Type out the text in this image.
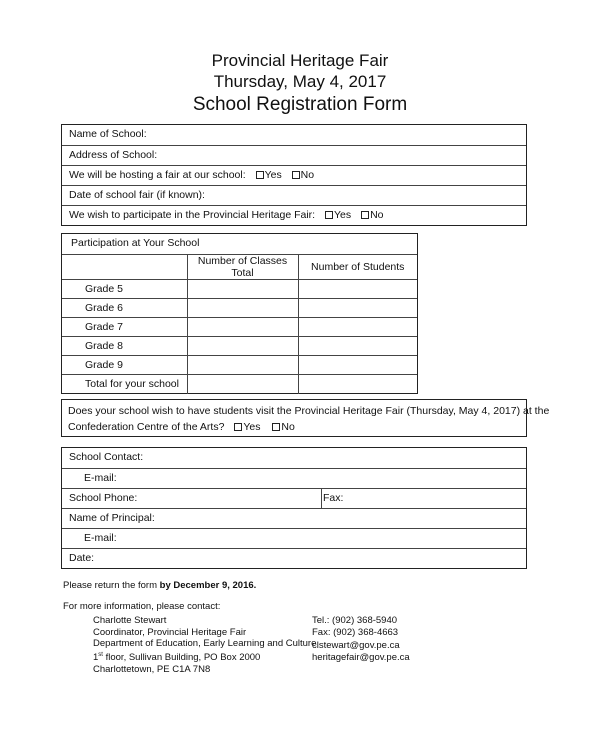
Provincial Heritage Fair
Thursday, May 4, 2017
School Registration Form
Name of School:
Address of School:
We will be hosting a fair at our school: Yes No
Date of school fair (if known):
We wish to participate in the Provincial Heritage Fair: Yes No
Participation at Your School
	Number of Classes Total	Number of Students
Grade 5		
Grade 6		
Grade 7		
Grade 8		
Grade 9		
Total for your school		
Does your school wish to have students visit the Provincial Heritage Fair (Thursday, May 4, 2017) at the
Confederation Centre of the Arts? Yes No
School Contact:
E-mail:
School Phone:	Fax:
Name of Principal:
E-mail:
Date:
Please return the form by December 9, 2016.
For more information, please contact:
Charlotte Stewart
Coordinator, Provincial Heritage Fair
Department of Education, Early Learning and Culture
1st floor, Sullivan Building, PO Box 2000
Charlottetown, PE C1A 7N8
Tel.: (902) 368-5940
Fax: (902) 368-4663
clstewart@gov.pe.ca
heritagefair@gov.pe.ca
